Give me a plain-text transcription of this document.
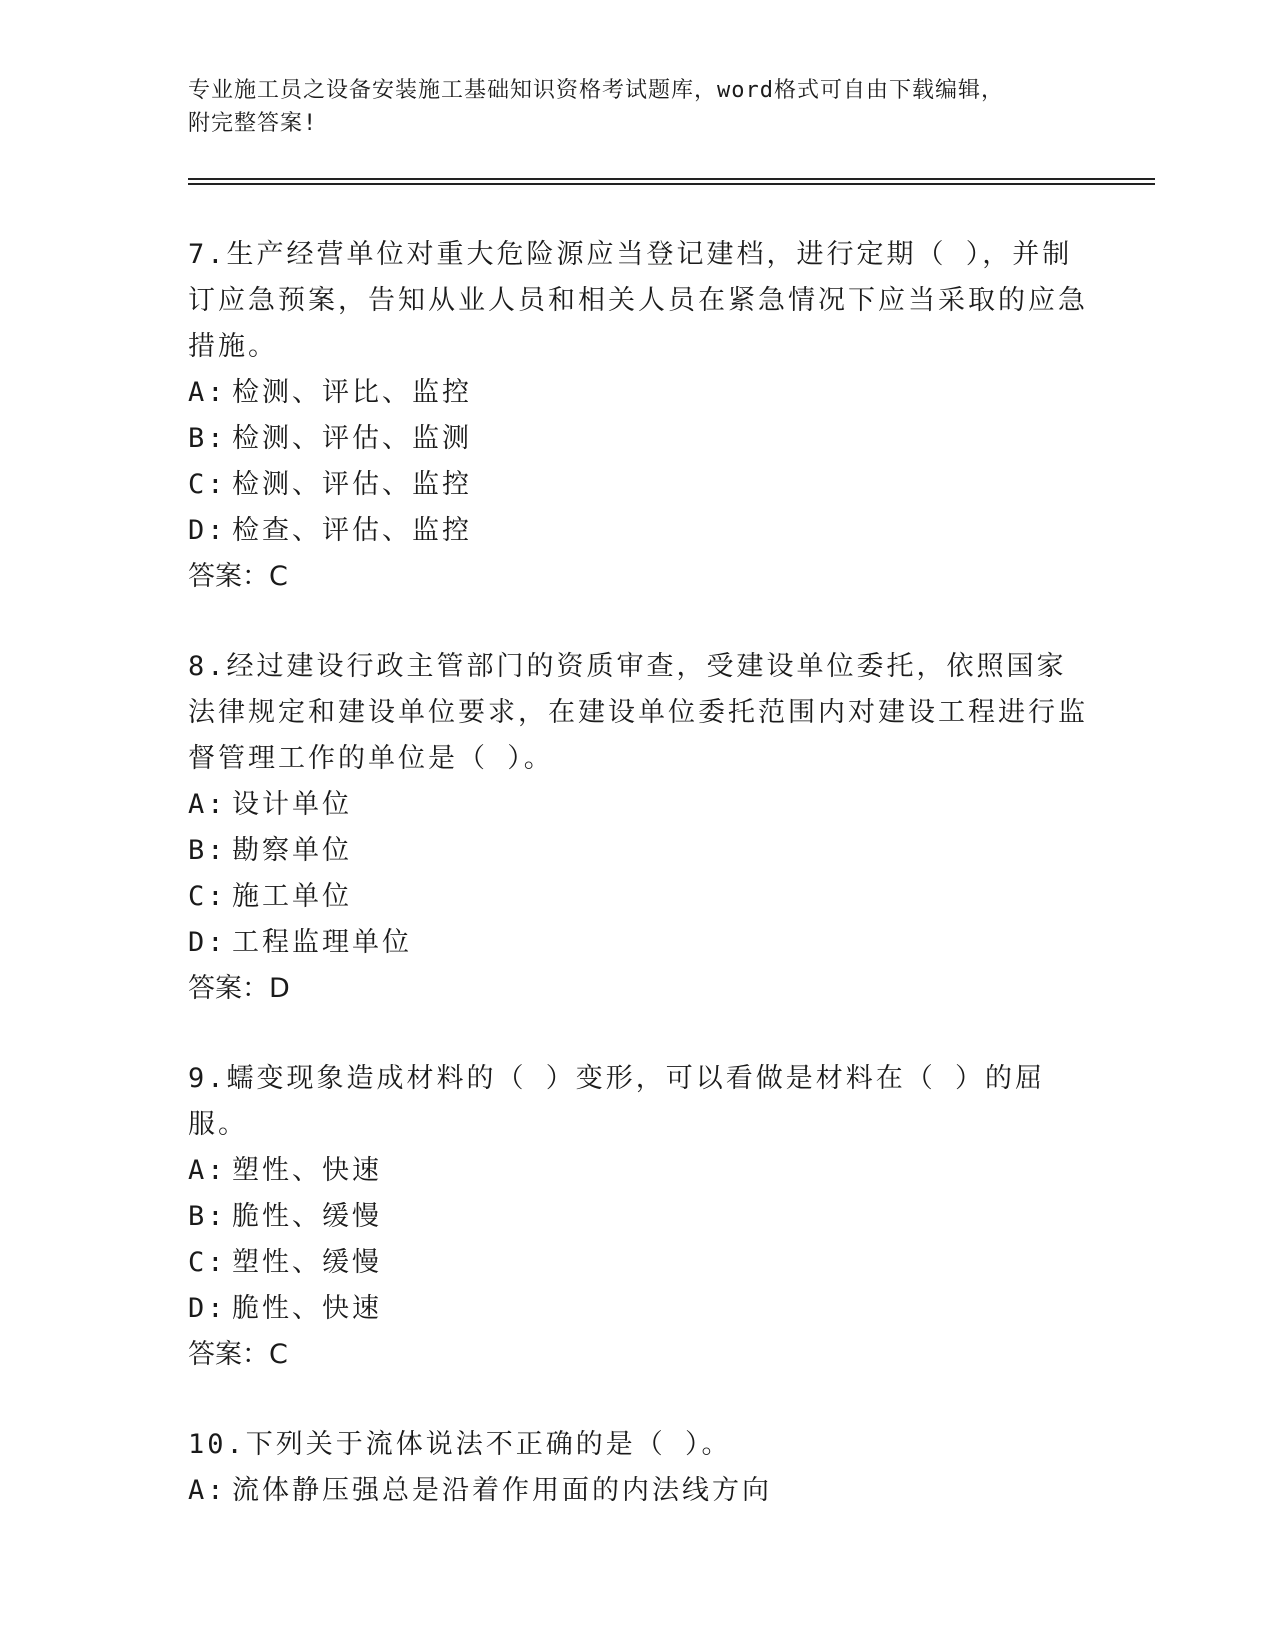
专业施工员之设备安装施工基础知识资格考试题库，word格式可自由下载编辑，
附完整答案!
7.生产经营单位对重大危险源应当登记建档，进行定期（ ），并制订应急预案，告知从业人员和相关人员在紧急情况下应当采取的应急措施。
A: 检测、评比、监控
B: 检测、评估、监测
C: 检测、评估、监控
D: 检查、评估、监控
答案：C
8.经过建设行政主管部门的资质审查，受建设单位委托，依照国家法律规定和建设单位要求，在建设单位委托范围内对建设工程进行监督管理工作的单位是（ ）。
A: 设计单位
B: 勘察单位
C: 施工单位
D: 工程监理单位
答案：D
9.蠕变现象造成材料的（ ）变形，可以看做是材料在（ ）的屈服。
A: 塑性、快速
B: 脆性、缓慢
C: 塑性、缓慢
D: 脆性、快速
答案：C
10.下列关于流体说法不正确的是（ ）。
A: 流体静压强总是沿着作用面的内法线方向
